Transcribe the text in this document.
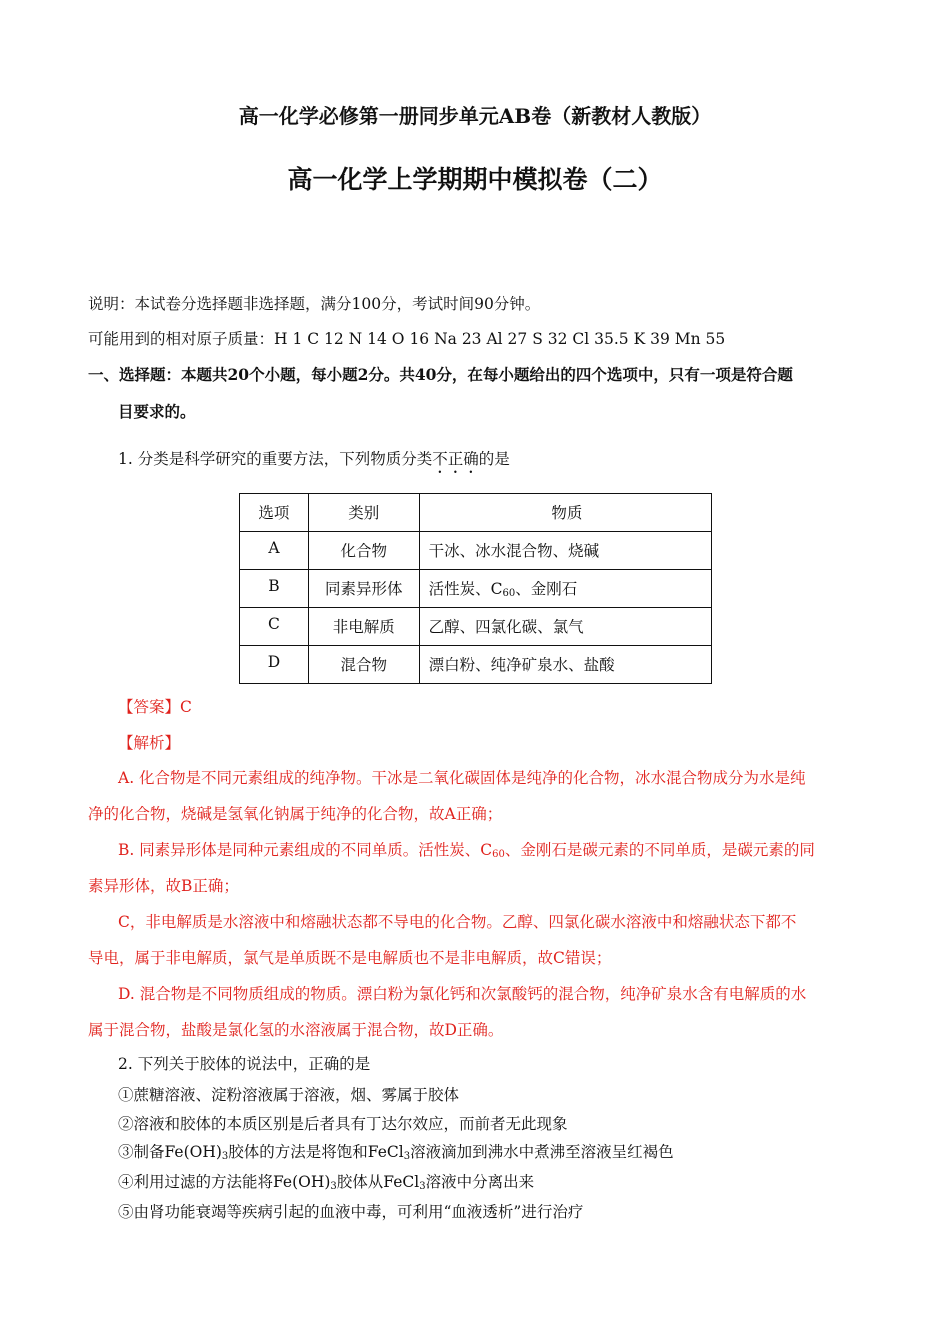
高一化学必修第一册同步单元AB卷（新教材人教版）
高一化学上学期期中模拟卷（二）
说明：本试卷分选择题非选择题，满分100分，考试时间90分钟。
可能用到的相对原子质量：H 1 C 12 N 14 O 16 Na 23 Al 27 S 32 Cl 35.5 K 39 Mn 55
一、选择题：本题共20个小题，每小题2分。共40分，在每小题给出的四个选项中，只有一项是符合题
目要求的。
1. 分类是科学研究的重要方法，下列物质分类不正确的是
选项	类别	物质
A	化合物	干冰、冰水混合物、烧碱
B	同素异形体	活性炭、$C_{60}$、金刚石
C	非电解质	乙醇、四氯化碳、氯气
D	混合物	漂白粉、纯净矿泉水、盐酸
【答案】C
【解析】
A. 化合物是不同元素组成的纯净物。干冰是二氧化碳固体是纯净的化合物，冰水混合物成分为水是纯
净的化合物，烧碱是氢氧化钠属于纯净的化合物，故A正确；
B. 同素异形体是同种元素组成的不同单质。活性炭、$C_{60}$、金刚石是碳元素的不同单质，是碳元素的同
素异形体，故B正确；
C，非电解质是水溶液中和熔融状态都不导电的化合物。乙醇、四氯化碳水溶液中和熔融状态下都不
导电，属于非电解质，氯气是单质既不是电解质也不是非电解质，故C错误；
D. 混合物是不同物质组成的物质。漂白粉为氯化钙和次氯酸钙的混合物，纯净矿泉水含有电解质的水
属于混合物，盐酸是氯化氢的水溶液属于混合物，故D正确。
2. 下列关于胶体的说法中，正确的是
①蔗糖溶液、淀粉溶液属于溶液，烟、雾属于胶体
②溶液和胶体的本质区别是后者具有丁达尔效应，而前者无此现象
③制备$Fe(OH)_3$胶体的方法是将饱和FeCl$_3$溶液滴加到沸水中煮沸至溶液呈红褐色
④利用过滤的方法能将$Fe(OH)_3$胶体从FeCl$_3$溶液中分离出来
⑤由肾功能衰竭等疾病引起的血液中毒，可利用“血液透析”进行治疗
